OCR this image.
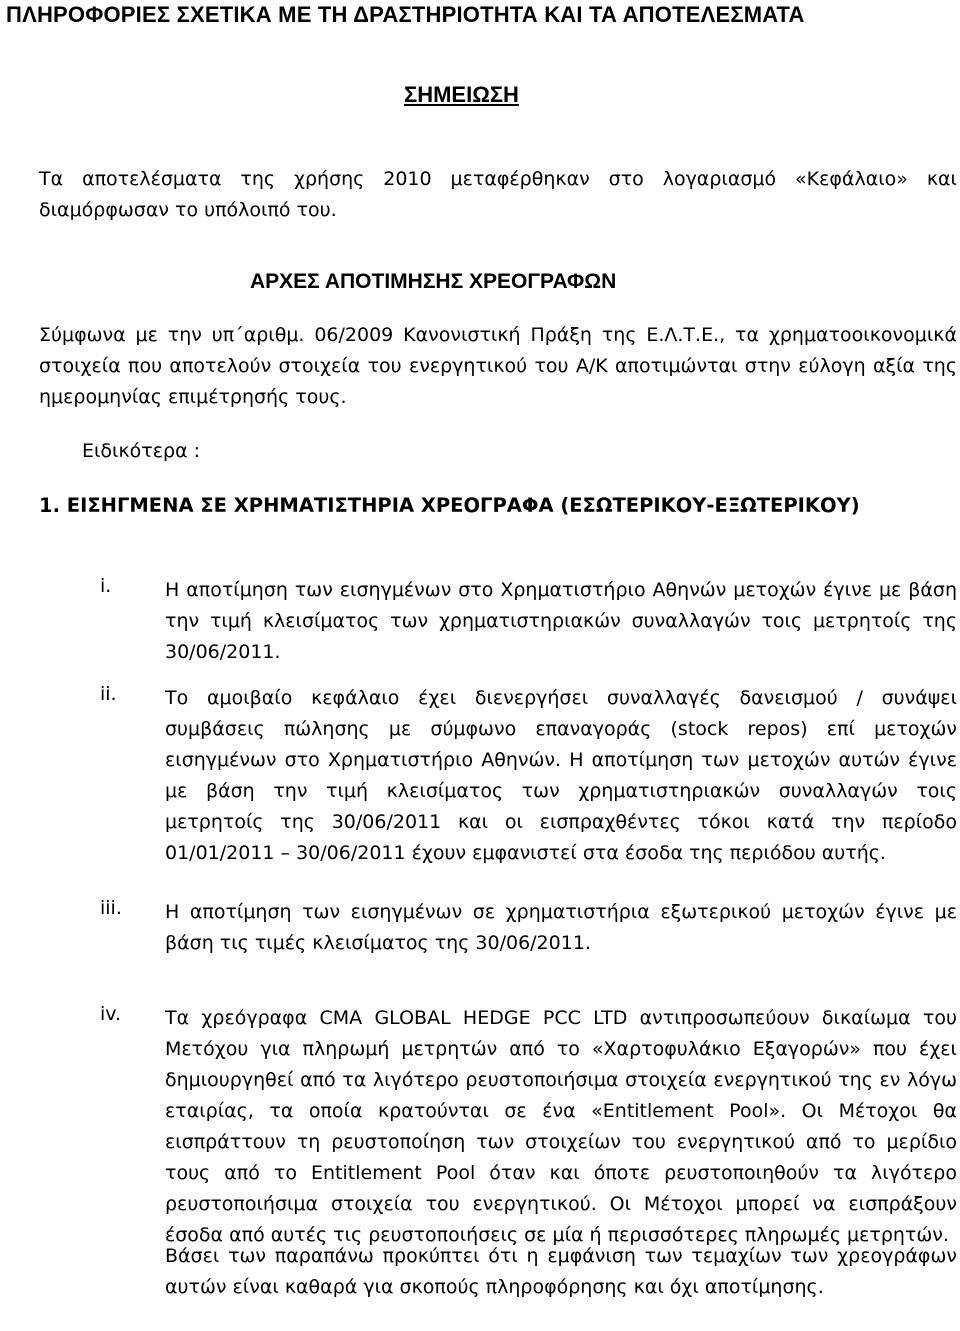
ΠΛΗΡΟΦΟΡΙΕΣ ΣΧΕΤΙΚΑ ΜΕ ΤΗ ΔΡΑΣΤΗΡΙΟΤΗΤΑ ΚΑΙ ΤΑ ΑΠΟΤΕΛΕΣΜΑΤΑ
ΣΗΜΕΙΩΣΗ
Τα αποτελέσματα της χρήσης 2010 μεταφέρθηκαν στο λογαριασμό «Κεφάλαιο» και διαμόρφωσαν το υπόλοιπό του.
ΑΡΧΕΣ ΑΠΟΤΙΜΗΣΗΣ ΧΡΕΟΓΡΑΦΩΝ
Σύμφωνα με την υπ΄αριθμ. 06/2009 Κανονιστική Πράξη της Ε.Λ.Τ.Ε., τα χρηματοοικονομικά στοιχεία που αποτελούν στοιχεία του ενεργητικού του Α/Κ αποτιμώνται στην εύλογη αξία της ημερομηνίας επιμέτρησής τους.
Ειδικότερα :
1. ΕΙΣΗΓΜΕΝΑ ΣΕ ΧΡΗΜΑΤΙΣΤΗΡΙΑ ΧΡΕΟΓΡΑΦΑ (ΕΣΩΤΕΡΙΚΟΥ-ΕΞΩΤΕΡΙΚΟΥ)
i.	Η αποτίμηση των εισηγμένων στο Χρηματιστήριο Αθηνών μετοχών έγινε με βάση την τιμή κλεισίματος των χρηματιστηριακών συναλλαγών τοις μετρητοίς της 30/06/2011.
ii.	Το αμοιβαίο κεφάλαιο έχει διενεργήσει συναλλαγές δανεισμού / συνάψει συμβάσεις πώλησης με σύμφωνο επαναγοράς (stock repos) επί μετοχών εισηγμένων στο Χρηματιστήριο Αθηνών. Η αποτίμηση των μετοχών αυτών έγινε με βάση την τιμή κλεισίματος των χρηματιστηριακών συναλλαγών τοις μετρητοίς της 30/06/2011 και οι εισπραχθέντες τόκοι κατά την περίοδο 01/01/2011 – 30/06/2011 έχουν εμφανιστεί στα έσοδα της περιόδου αυτής.
iii.	Η αποτίμηση των εισηγμένων σε χρηματιστήρια εξωτερικού μετοχών έγινε με βάση τις τιμές κλεισίματος της 30/06/2011.
iv.	Τα χρεόγραφα CMA GLOBAL HEDGE PCC LTD αντιπροσωπεύουν δικαίωμα του Μετόχου για πληρωμή μετρητών από το «Χαρτοφυλάκιο Εξαγορών» που έχει δημιουργηθεί από τα λιγότερο ρευστοποιήσιμα στοιχεία ενεργητικού της εν λόγω εταιρίας, τα οποία κρατούνται σε ένα «Entitlement Pool». Οι Μέτοχοι θα εισπράττουν τη ρευστοποίηση των στοιχείων του ενεργητικού από το μερίδιο τους από το Entitlement Pool όταν και όποτε ρευστοποιηθούν τα λιγότερο ρευστοποιήσιμα στοιχεία του ενεργητικού. Οι Μέτοχοι μπορεί να εισπράξουν έσοδα από αυτές τις ρευστοποιήσεις σε μία ή περισσότερες πληρωμές μετρητών.
Βάσει των παραπάνω προκύπτει ότι η εμφάνιση των τεμαχίων των χρεογράφων αυτών είναι καθαρά για σκοπούς πληροφόρησης και όχι αποτίμησης.
